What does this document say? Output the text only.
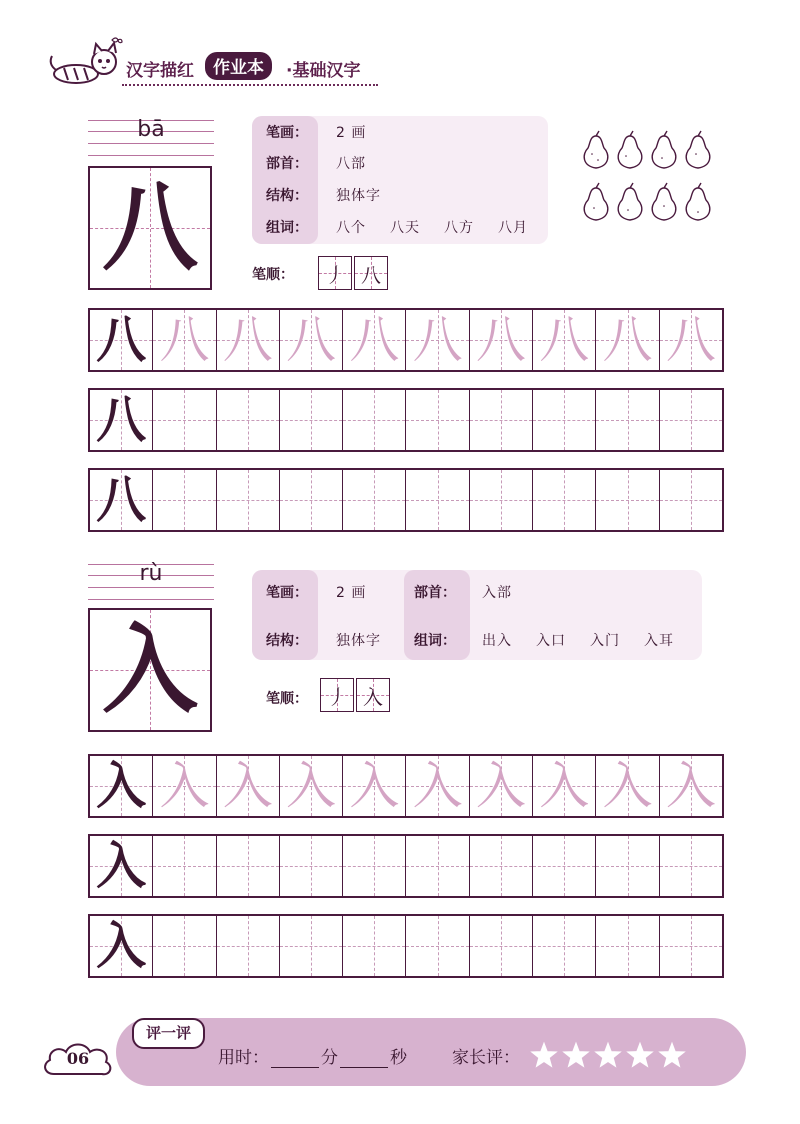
汉字描红	作业本	·基础汉字
bā
八
笔画： 2 画
部首： 八部
结构： 独体字
组词： 八个 八天 八方 八月
笔顺： 丿 八
八 八 八 八 八 八 八 八 八 八
八
八
rù
入
笔画： 2 画	部首： 入部
结构： 独体字 组词： 出入 入口 入门 入耳
笔顺： 丿 入
入 入 入 入 入 入 入 入 入 入
入
入
06
评一评
用时：	分	秒	家长评：
